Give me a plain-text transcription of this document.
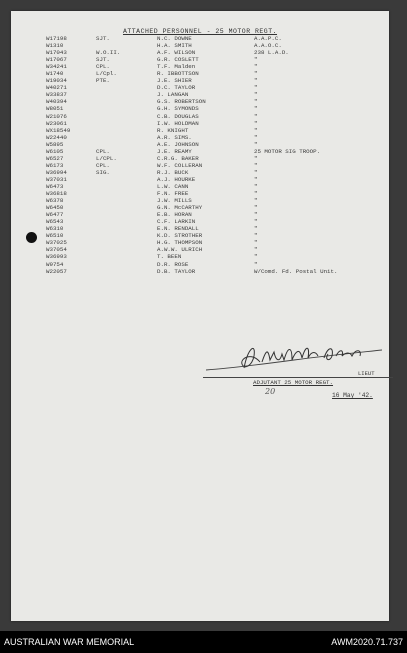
ATTACHED PERSONNEL - 25 MOTOR REGT.
W17198	SJT.	N.C. DOWNE	A.A.P.C.
W1310	H.A. SMITH	A.A.O.C.
W17043	W.O.II.	A.F. WILSON	238 L.A.D.
W17067	SJT.	G.R. COSLETT	"
W34241	CPL.	T.F. Malden	"
W1740	L/Cpl.	R. IBBOTTSON	"
W19034	PTE.	J.E. SHIER	"
W40271	D.C. TAYLOR	"
W33837	J. LANGAN	"
W40394	G.S. ROBERTSON	"
W8051	G.H. SYMONDS	"
W21076	C.B. DOUGLAS	"
W23061	I.W. HOLDMAN	"
WX18549	R. KNIGHT	"
W22440	A.R. SIMS.	"
W5895	A.E. JOHNSON	"
W6105	CPL.	J.E. REAMY	25 MOTOR SIG TROOP.
W6527	L/CPL.	C.R.G. BAKER	"
W6173	CPL.	W.F. COLLERAN	"
W36994	SIG.	R.J. BUCK	"
W37031	A.J. HOURKE	"
W6473	L.W. CANN	"
W36818	F.N. FREE	"
W6378	J.W. MILLS	"
W6450	G.N. McCARTHY	"
W6477	E.B. HORAN	"
W6543	C.F. LARKIN	"
W6310	E.N. RENDALL	"
W6510	K.D. STROTHER	"
W37025	H.G. THOMPSON	"
W37054	A.W.W. ULRICH	"
W36993	T. BEEN	"
W9754	D.R. ROSE	"
W22057	D.B. TAYLOR	W/Comd. Fd. Postal Unit.
LIEUT
ADJUTANT 25 MOTOR REGT.
20	16 May '42.
AUSTRALIAN WAR MEMORIAL	AWM2020.71.737
